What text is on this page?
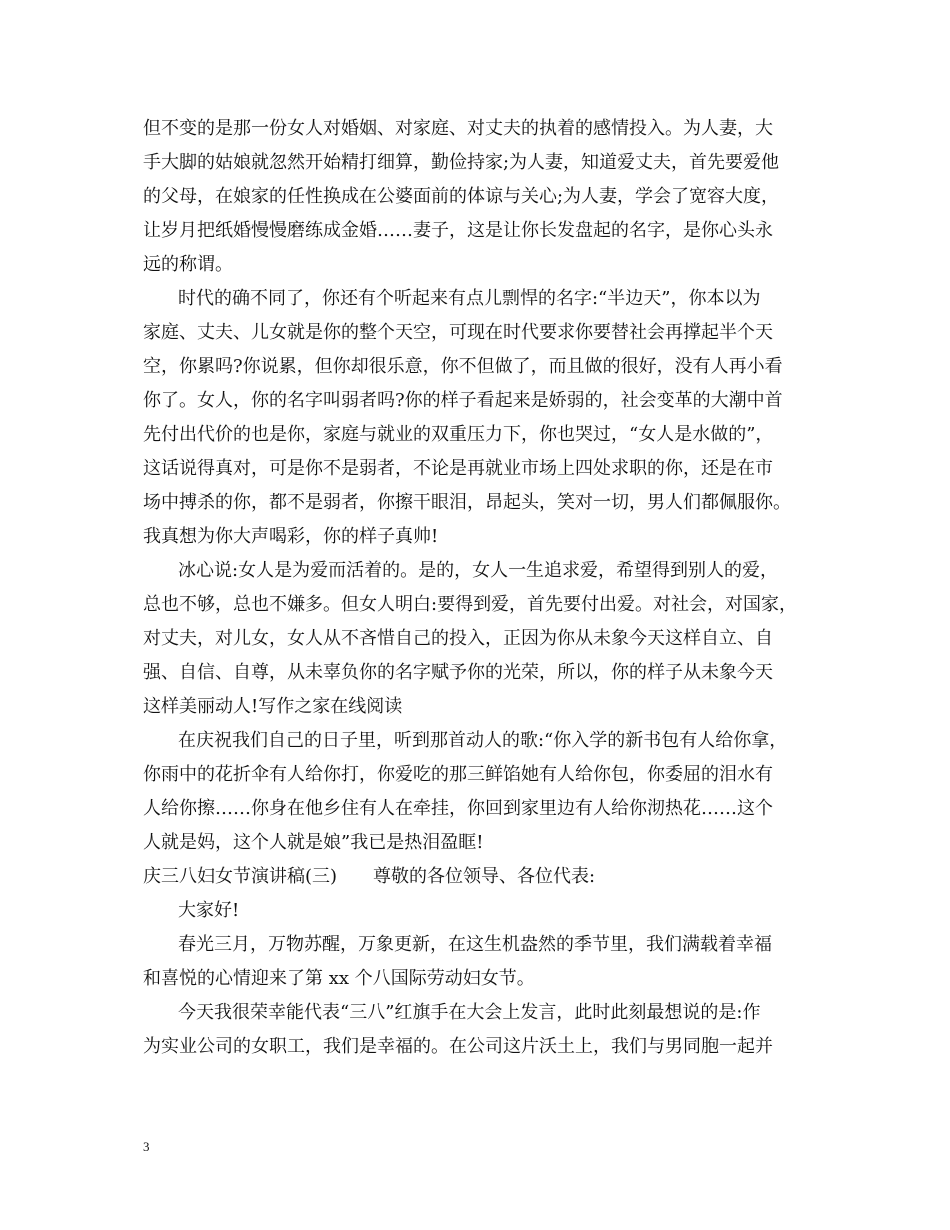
但不变的是那一份女人对婚姻、对家庭、对丈夫的执着的感情投入。为人妻，大
手大脚的姑娘就忽然开始精打细算，勤俭持家;为人妻，知道爱丈夫，首先要爱他
的父母，在娘家的任性换成在公婆面前的体谅与关心;为人妻，学会了宽容大度，
让岁月把纸婚慢慢磨练成金婚……妻子，这是让你长发盘起的名字，是你心头永
远的称谓。
时代的确不同了，你还有个听起来有点儿剽悍的名字:“半边天”，你本以为
家庭、丈夫、儿女就是你的整个天空，可现在时代要求你要替社会再撑起半个天
空，你累吗?你说累，但你却很乐意，你不但做了，而且做的很好，没有人再小看
你了。女人，你的名字叫弱者吗?你的样子看起来是娇弱的，社会变革的大潮中首
先付出代价的也是你，家庭与就业的双重压力下，你也哭过，“女人是水做的”，
这话说得真对，可是你不是弱者，不论是再就业市场上四处求职的你，还是在市
场中搏杀的你，都不是弱者，你擦干眼泪，昂起头，笑对一切，男人们都佩服你。
我真想为你大声喝彩，你的样子真帅!
冰心说:女人是为爱而活着的。是的，女人一生追求爱，希望得到别人的爱，
总也不够，总也不嫌多。但女人明白:要得到爱，首先要付出爱。对社会，对国家，
对丈夫，对儿女，女人从不吝惜自己的投入，正因为你从未象今天这样自立、自
强、自信、自尊，从未辜负你的名字赋予你的光荣，所以，你的样子从未象今天
这样美丽动人!写作之家在线阅读
在庆祝我们自己的日子里，听到那首动人的歌:“你入学的新书包有人给你拿，
你雨中的花折伞有人给你打，你爱吃的那三鲜馅她有人给你包，你委屈的泪水有
人给你擦……你身在他乡住有人在牵挂，你回到家里边有人给你沏热花……这个
人就是妈，这个人就是娘”我已是热泪盈眶!
庆三八妇女节演讲稿(三)　　尊敬的各位领导、各位代表:
大家好!
春光三月，万物苏醒，万象更新，在这生机盎然的季节里，我们满载着幸福
和喜悦的心情迎来了第 xx 个八国际劳动妇女节。
今天我很荣幸能代表“三八”红旗手在大会上发言，此时此刻最想说的是:作
为实业公司的女职工，我们是幸福的。在公司这片沃土上，我们与男同胞一起并
3
